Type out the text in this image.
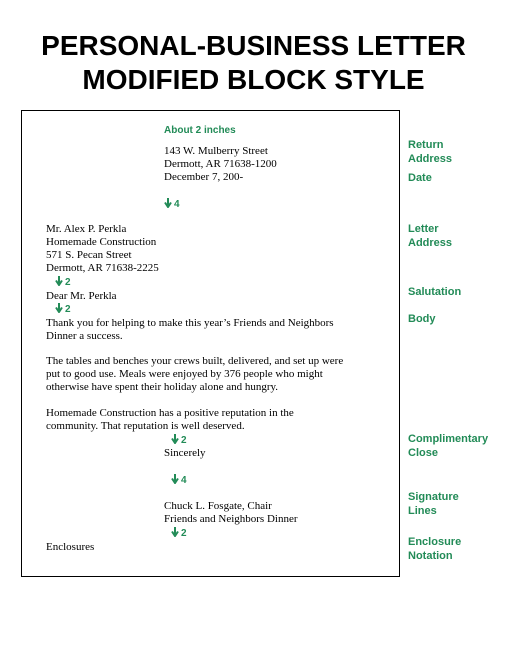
PERSONAL-BUSINESS LETTER
MODIFIED BLOCK STYLE
About 2 inches
143 W. Mulberry Street
Dermott, AR 71638-1200
December 7, 200-
4
Mr. Alex P. Perkla
Homemade Construction
571 S. Pecan Street
Dermott, AR 71638-2225
2
Dear Mr. Perkla
2
Thank you for helping to make this year’s Friends and Neighbors
Dinner a success.
The tables and benches your crews built, delivered, and set up were
put to good use. Meals were enjoyed by 376 people who might
otherwise have spent their holiday alone and hungry.
Homemade Construction has a positive reputation in the
community. That reputation is well deserved.
2
Sincerely
4
Chuck L. Fosgate, Chair
Friends and Neighbors Dinner
2
Enclosures
Return
Address
Date
Letter
Address
Salutation
Body
Complimentary
Close
Signature
Lines
Enclosure
Notation
